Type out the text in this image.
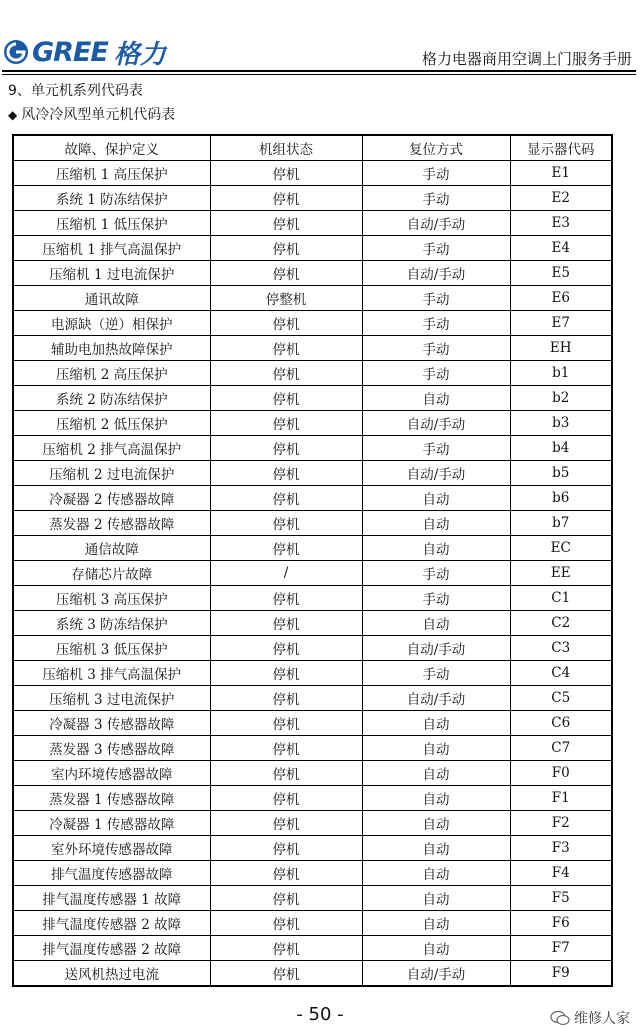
GREE 格力	格力电器商用空调上门服务手册
9、单元机系列代码表
◆ 风冷冷风型单元机代码表
故障、保护定义	机组状态	复位方式	显示器代码
压缩机 1 高压保护	停机	手动	E1
系统 1 防冻结保护	停机	手动	E2
压缩机 1 低压保护	停机	自动/手动	E3
压缩机 1 排气高温保护	停机	手动	E4
压缩机 1 过电流保护	停机	自动/手动	E5
通讯故障	停整机	手动	E6
电源缺（逆）相保护	停机	手动	E7
辅助电加热故障保护	停机	手动	EH
压缩机 2 高压保护	停机	手动	b1
系统 2 防冻结保护	停机	自动	b2
压缩机 2 低压保护	停机	自动/手动	b3
压缩机 2 排气高温保护	停机	手动	b4
压缩机 2 过电流保护	停机	自动/手动	b5
冷凝器 2 传感器故障	停机	自动	b6
蒸发器 2 传感器故障	停机	自动	b7
通信故障	停机	自动	EC
存储芯片故障	/	手动	EE
压缩机 3 高压保护	停机	手动	C1
系统 3 防冻结保护	停机	自动	C2
压缩机 3 低压保护	停机	自动/手动	C3
压缩机 3 排气高温保护	停机	手动	C4
压缩机 3 过电流保护	停机	自动/手动	C5
冷凝器 3 传感器故障	停机	自动	C6
蒸发器 3 传感器故障	停机	自动	C7
室内环境传感器故障	停机	自动	F0
蒸发器 1 传感器故障	停机	自动	F1
冷凝器 1 传感器故障	停机	自动	F2
室外环境传感器故障	停机	自动	F3
排气温度传感器故障	停机	自动	F4
排气温度传感器 1 故障	停机	自动	F5
排气温度传感器 2 故障	停机	自动	F6
排气温度传感器 2 故障	停机	自动	F7
送风机热过电流	停机	自动/手动	F9
- 50 -	维修人家
